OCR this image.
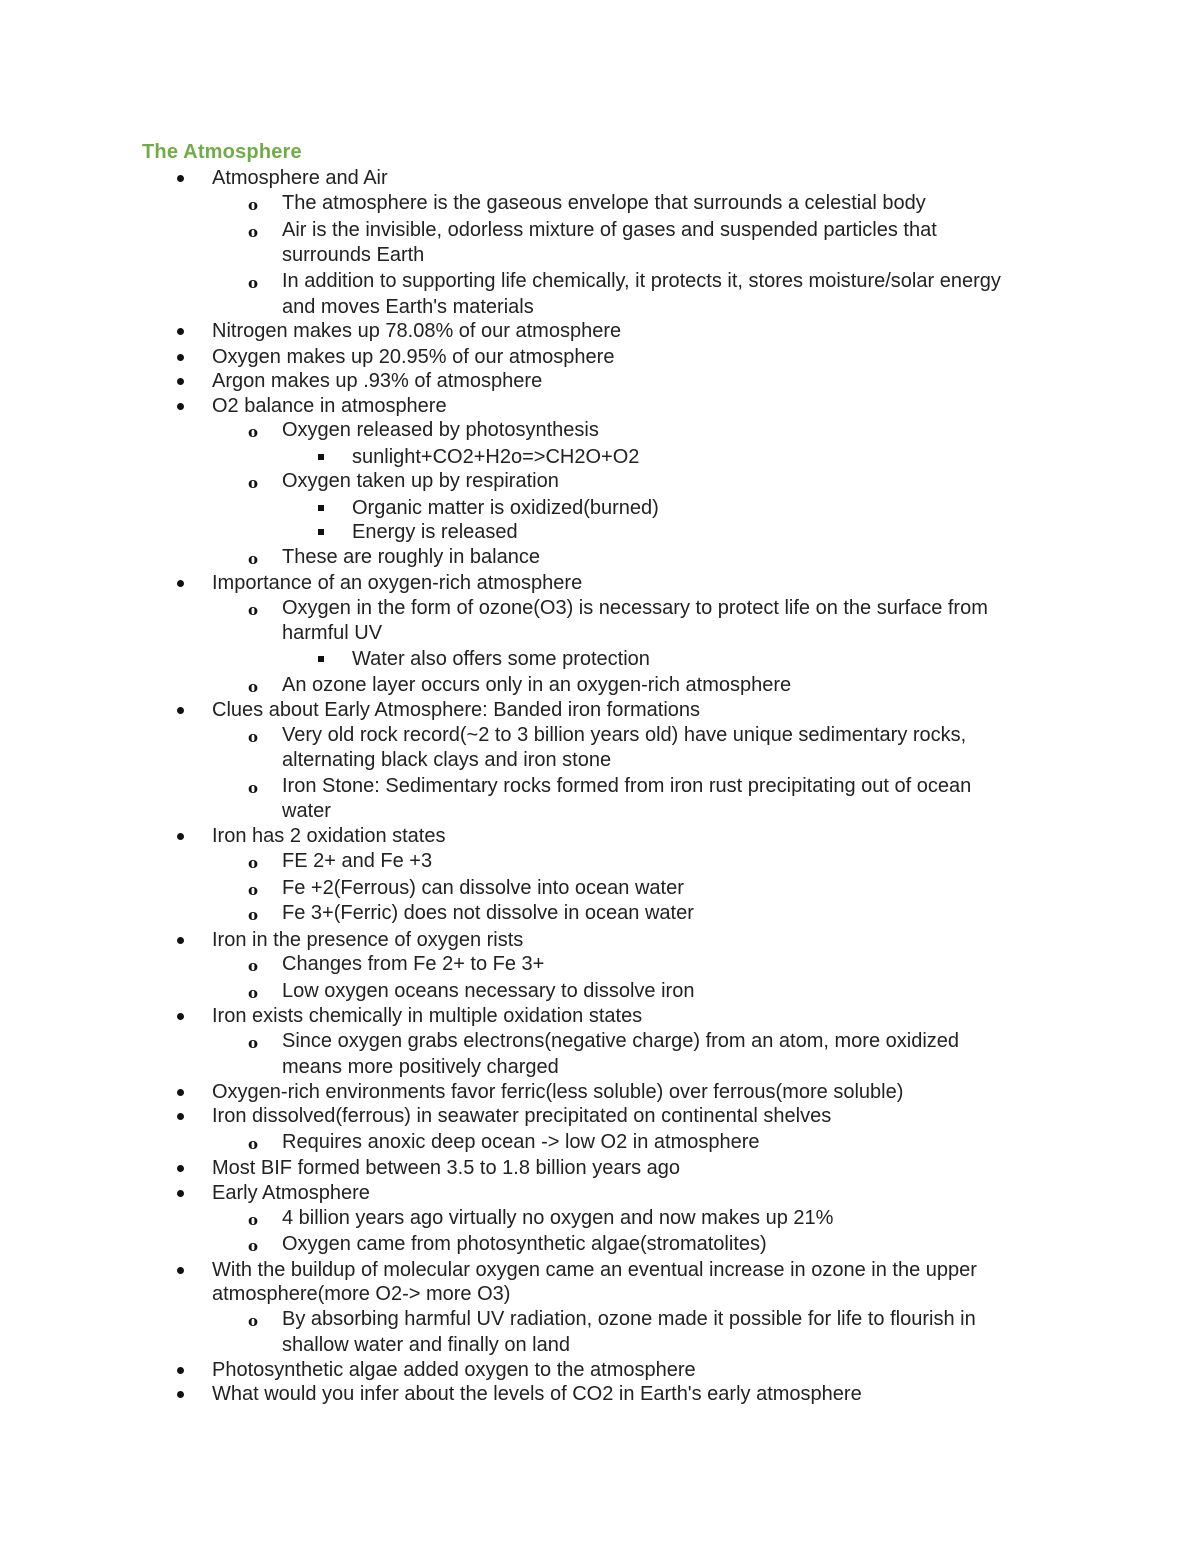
The Atmosphere
Atmosphere and Air
The atmosphere is the gaseous envelope that surrounds a celestial body
o
Air is the invisible, odorless mixture of gases and suspended particles that
o
surrounds Earth
In addition to supporting life chemically, it protects it, stores moisture/solar energy
o
and moves Earth's materials
Nitrogen makes up 78.08% of our atmosphere
Oxygen makes up 20.95% of our atmosphere
Argon makes up .93% of atmosphere
O2 balance in atmosphere
Oxygen released by photosynthesis
o
sunlight+CO2+H2o=>CH2O+O2
Oxygen taken up by respiration
o
Organic matter is oxidized(burned)
Energy is released
These are roughly in balance
o
Importance of an oxygen-rich atmosphere
Oxygen in the form of ozone(O3) is necessary to protect life on the surface from
o
harmful UV
Water also offers some protection
An ozone layer occurs only in an oxygen-rich atmosphere
o
Clues about Early Atmosphere: Banded iron formations
Very old rock record(~2 to 3 billion years old) have unique sedimentary rocks,
o
alternating black clays and iron stone
Iron Stone: Sedimentary rocks formed from iron rust precipitating out of ocean
o
water
Iron has 2 oxidation states
FE 2+ and Fe +3
o
Fe +2(Ferrous) can dissolve into ocean water
o
Fe 3+(Ferric) does not dissolve in ocean water
o
Iron in the presence of oxygen rists
Changes from Fe 2+ to Fe 3+
o
Low oxygen oceans necessary to dissolve iron
o
Iron exists chemically in multiple oxidation states
Since oxygen grabs electrons(negative charge) from an atom, more oxidized
o
means more positively charged
Oxygen-rich environments favor ferric(less soluble) over ferrous(more soluble)
Iron dissolved(ferrous) in seawater precipitated on continental shelves
Requires anoxic deep ocean -> low O2 in atmosphere
o
Most BIF formed between 3.5 to 1.8 billion years ago
Early Atmosphere
4 billion years ago virtually no oxygen and now makes up 21%
o
Oxygen came from photosynthetic algae(stromatolites)
o
With the buildup of molecular oxygen came an eventual increase in ozone in the upper
atmosphere(more O2-> more O3)
By absorbing harmful UV radiation, ozone made it possible for life to flourish in
o
shallow water and finally on land
Photosynthetic algae added oxygen to the atmosphere
What would you infer about the levels of CO2 in Earth's early atmosphere
